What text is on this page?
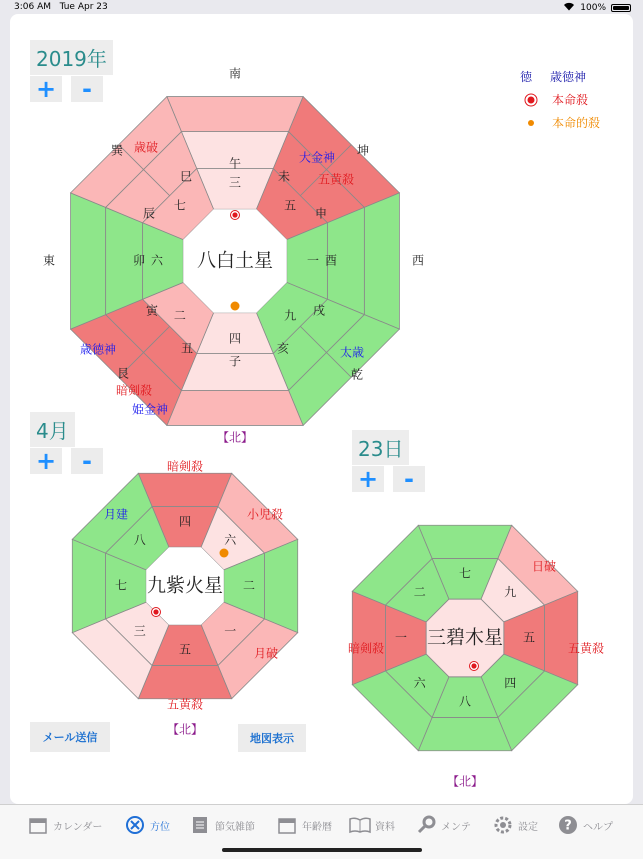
3:06 AM Tue Apr 23	100%
2019年
+	-
八白土星
南
坤
西
乾
【北】
艮
東
巽
三
五
一
九
四
二
六
七
午
酉
子
卯
未
申
戌
亥
丑
寅
辰
巳
大金神
五黄殺
太歳
暗剣殺
姫金神
歳徳神
歳破
徳	歳徳神
本命殺
本命的殺
4月
+	-
九紫火星
四
六
二
一
五
三
七
八
【北】
暗剣殺
小児殺
月破
五黄殺
月建
メール送信	地図表示
23日
+	-
三碧木星
七
九
五
四
八
六
一
二
【北】
日破
五黄殺
暗剣殺
カレンダー	方位	節気雑節	年齢暦	資料	メンテ	設定 ? ヘルプ
